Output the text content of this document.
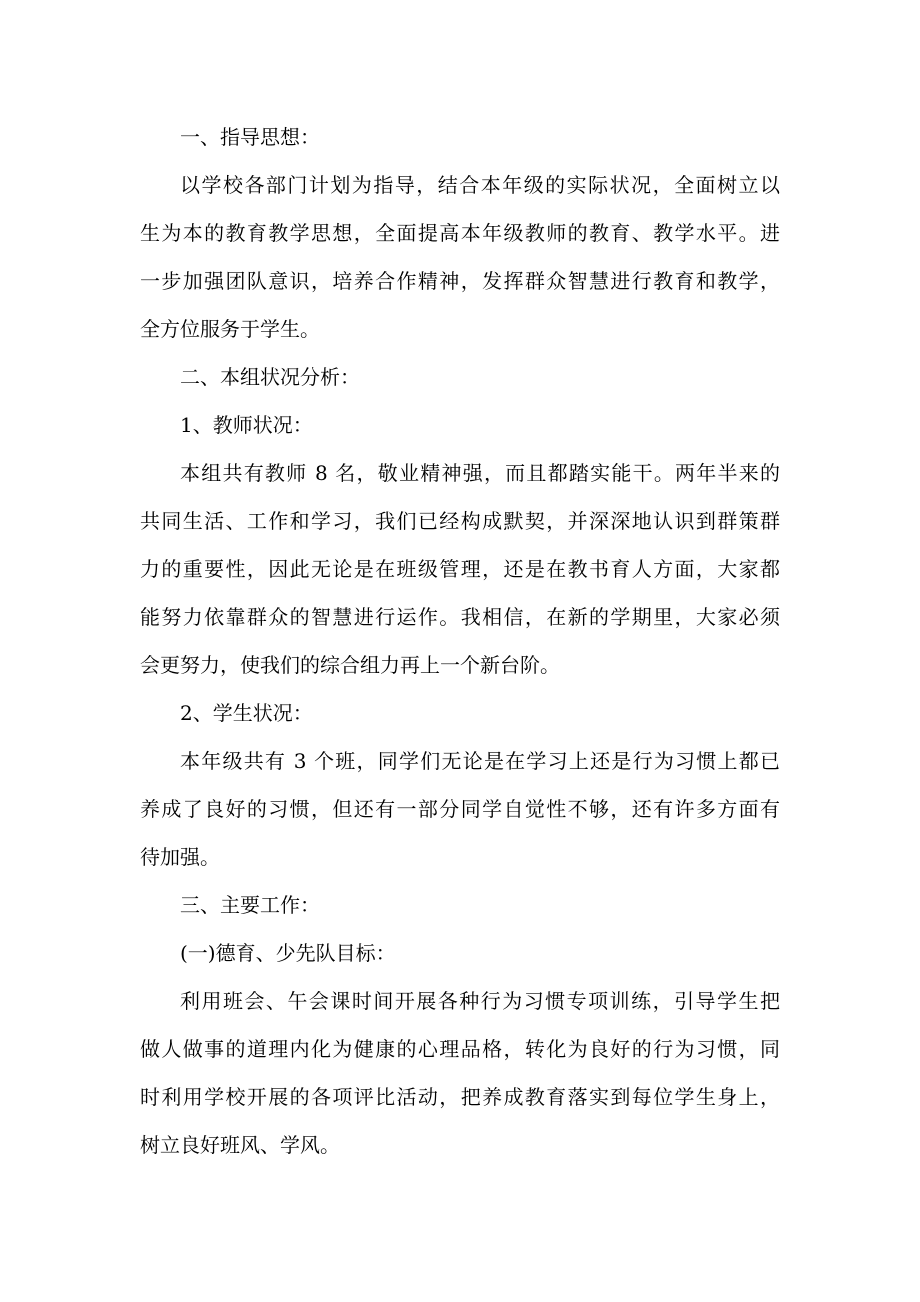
一、指导思想：
以学校各部门计划为指导，结合本年级的实际状况，全面树立以
生为本的教育教学思想，全面提高本年级教师的教育、教学水平。进
一步加强团队意识，培养合作精神，发挥群众智慧进行教育和教学，
全方位服务于学生。
二、本组状况分析：
1、教师状况：
本组共有教师 8 名，敬业精神强，而且都踏实能干。两年半来的
共同生活、工作和学习，我们已经构成默契，并深深地认识到群策群
力的重要性，因此无论是在班级管理，还是在教书育人方面，大家都
能努力依靠群众的智慧进行运作。我相信，在新的学期里，大家必须
会更努力，使我们的综合组力再上一个新台阶。
2、学生状况：
本年级共有 3 个班，同学们无论是在学习上还是行为习惯上都已
养成了良好的习惯，但还有一部分同学自觉性不够，还有许多方面有
待加强。
三、主要工作：
(一)德育、少先队目标：
利用班会、午会课时间开展各种行为习惯专项训练，引导学生把
做人做事的道理内化为健康的心理品格，转化为良好的行为习惯，同
时利用学校开展的各项评比活动，把养成教育落实到每位学生身上，
树立良好班风、学风。
